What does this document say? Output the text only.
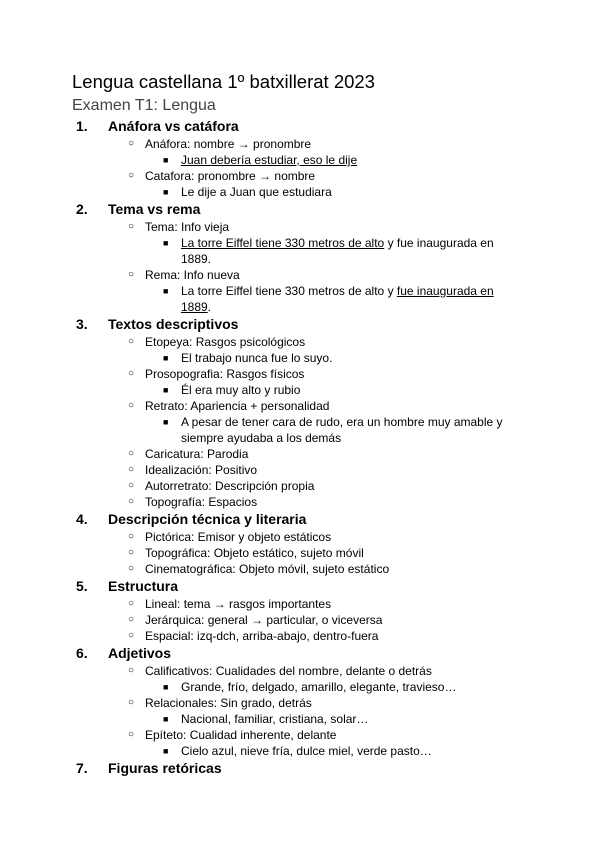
Lengua castellana 1º batxillerat 2023
Examen T1: Lengua
1. Anáfora vs catáfora
○ Anáfora: nombre → pronombre
■ Juan debería estudiar, eso le dije
○ Catafora: pronombre → nombre
■ Le dije a Juan que estudiara
2. Tema vs rema
○ Tema: Info vieja
■ La torre Eiffel tiene 330 metros de alto y fue inaugurada en 1889.
○ Rema: Info nueva
■ La torre Eiffel tiene 330 metros de alto y fue inaugurada en 1889.
3. Textos descriptivos
○ Etopeya: Rasgos psicológicos
■ El trabajo nunca fue lo suyo.
○ Prosopografia: Rasgos físicos
■ Él era muy alto y rubio
○ Retrato: Apariencia + personalidad
■ A pesar de tener cara de rudo, era un hombre muy amable y siempre ayudaba a los demás
○ Caricatura: Parodia
○ Idealización: Positivo
○ Autorretrato: Descripción propia
○ Topografía: Espacios
4. Descripción técnica y literaria
○ Pictórica: Emisor y objeto estáticos
○ Topográfica: Objeto estático, sujeto móvil
○ Cinematográfica: Objeto móvil, sujeto estático
5. Estructura
○ Lineal: tema → rasgos importantes
○ Jerárquica: general → particular, o viceversa
○ Espacial: izq-dch, arriba-abajo, dentro-fuera
6. Adjetivos
○ Calificativos: Cualidades del nombre, delante o detrás
■ Grande, frío, delgado, amarillo, elegante, travieso…
○ Relacionales: Sin grado, detrás
■ Nacional, familiar, cristiana, solar…
○ Epíteto: Cualidad inherente, delante
■ Cielo azul, nieve fría, dulce miel, verde pasto…
7. Figuras retóricas
